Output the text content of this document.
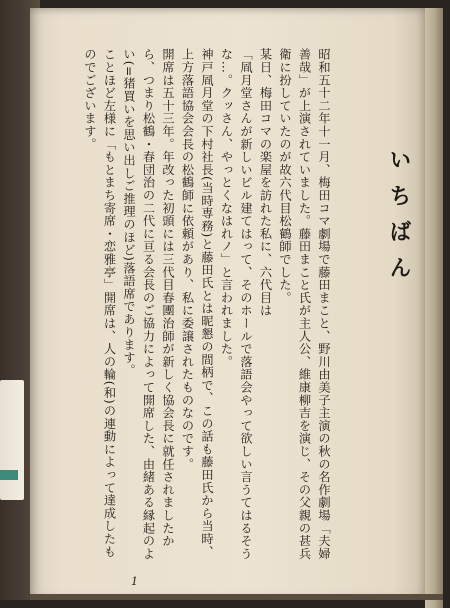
いちばん

昭和五十二年十一月、梅田コマ劇場で藤田まこと、野川由美子主演の秋の名作劇場「夫婦善哉」が上演されていました。藤田まこと氏が主人公、維康柳吉を演じ、その父親の甚兵衛に扮していたのが故六代目松鶴師でした。

某日、梅田コマの楽屋を訪れた私に、六代目は

「凮月堂さんが新しいビル建てはって、そのホールで落語会やって欲しい言うてはるそうな…。クッさん、やっとくなはれノ」と言われました。

神戸凮月堂の下村社長(当時専務)と藤田氏とは昵懇の間柄で、この話も藤田氏から当時、上方落語協会会長の松鶴師に依頼があり、私に委譲されたものなのです。

開席は五十三年。年改った初頭には三代目春團治師が新しく協会長に就任されましたから、つまり松鶴・春団治の二代に亘る会長のご協力によって開席した、由緒ある縁起のよい(=猪買いを思い出しご推理のほど)落語席であります。

ことほど左様に「もとまち寄席・恋雅亭」開席は、人の輪(和)の連動によって達成したものでございます。

1
